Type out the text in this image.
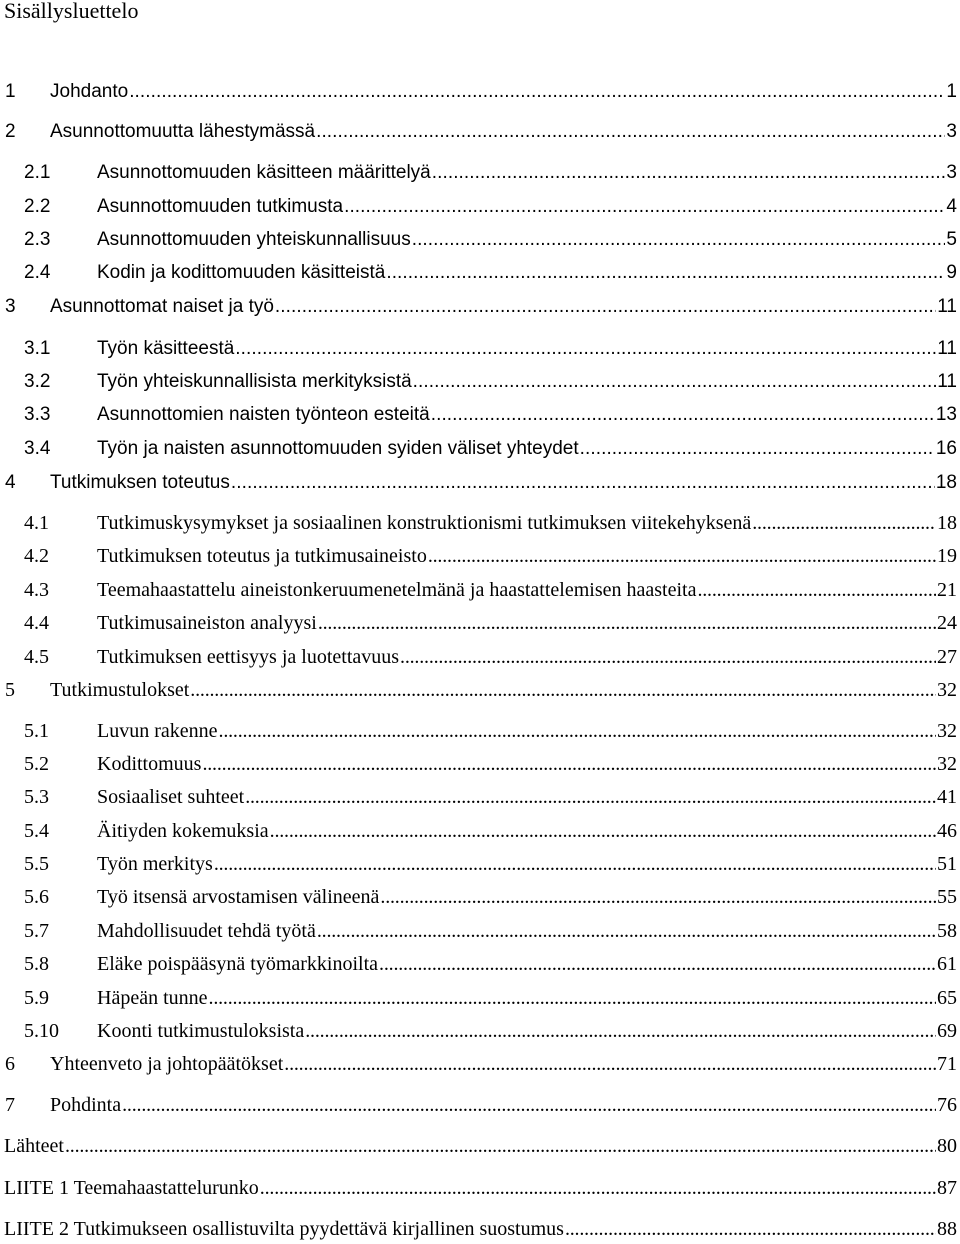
Sisällysluettelo
1	Johdanto . . .	1
2	Asunnottomuutta lähestymässä . . .	3
2.1	Asunnottomuuden käsitteen määrittelyä . . .	3
2.2	Asunnottomuuden tutkimusta . . .	4
2.3	Asunnottomuuden yhteiskunnallisuus . . .	5
2.4	Kodin ja kodittomuuden käsitteistä . . .	9
3	Asunnottomat naiset ja työ . . .	11
3.1	Työn käsitteestä . . .	11
3.2	Työn yhteiskunnallisista merkityksistä . . .	11
3.3	Asunnottomien naisten työnteon esteitä . . .	13
3.4	Työn ja naisten asunnottomuuden syiden väliset yhteydet . . .	16
4	Tutkimuksen toteutus . . .	18
4.1	Tutkimuskysymykset ja sosiaalinen konstruktionismi tutkimuksen viitekehyksenä . . .	18
4.2	Tutkimuksen toteutus ja tutkimusaineisto . . .	19
4.3	Teemahaastattelu aineistonkeruumenetelmänä ja haastattelemisen haasteita . . .	21
4.4	Tutkimusaineiston analyysi . . .	24
4.5	Tutkimuksen eettisyys ja luotettavuus . . .	27
5	Tutkimustulokset . . .	32
5.1	Luvun rakenne . . .	32
5.2	Kodittomuus . . .	32
5.3	Sosiaaliset suhteet . . .	41
5.4	Äitiyden kokemuksia . . .	46
5.5	Työn merkitys . . .	51
5.6	Työ itsensä arvostamisen välineenä . . .	55
5.7	Mahdollisuudet tehdä työtä . . .	58
5.8	Eläke poispääsynä työmarkkinoilta . . .	61
5.9	Häpeän tunne . . .	65
5.10	Koonti tutkimustuloksista . . .	69
6	Yhteenveto ja johtopäätökset . . .	71
7	Pohdinta . . .	76
Lähteet . . .	80
LIITE 1 Teemahaastattelurunko . . .	87
LIITE 2 Tutkimukseen osallistuvilta pyydettävä kirjallinen suostumus . . .	88
